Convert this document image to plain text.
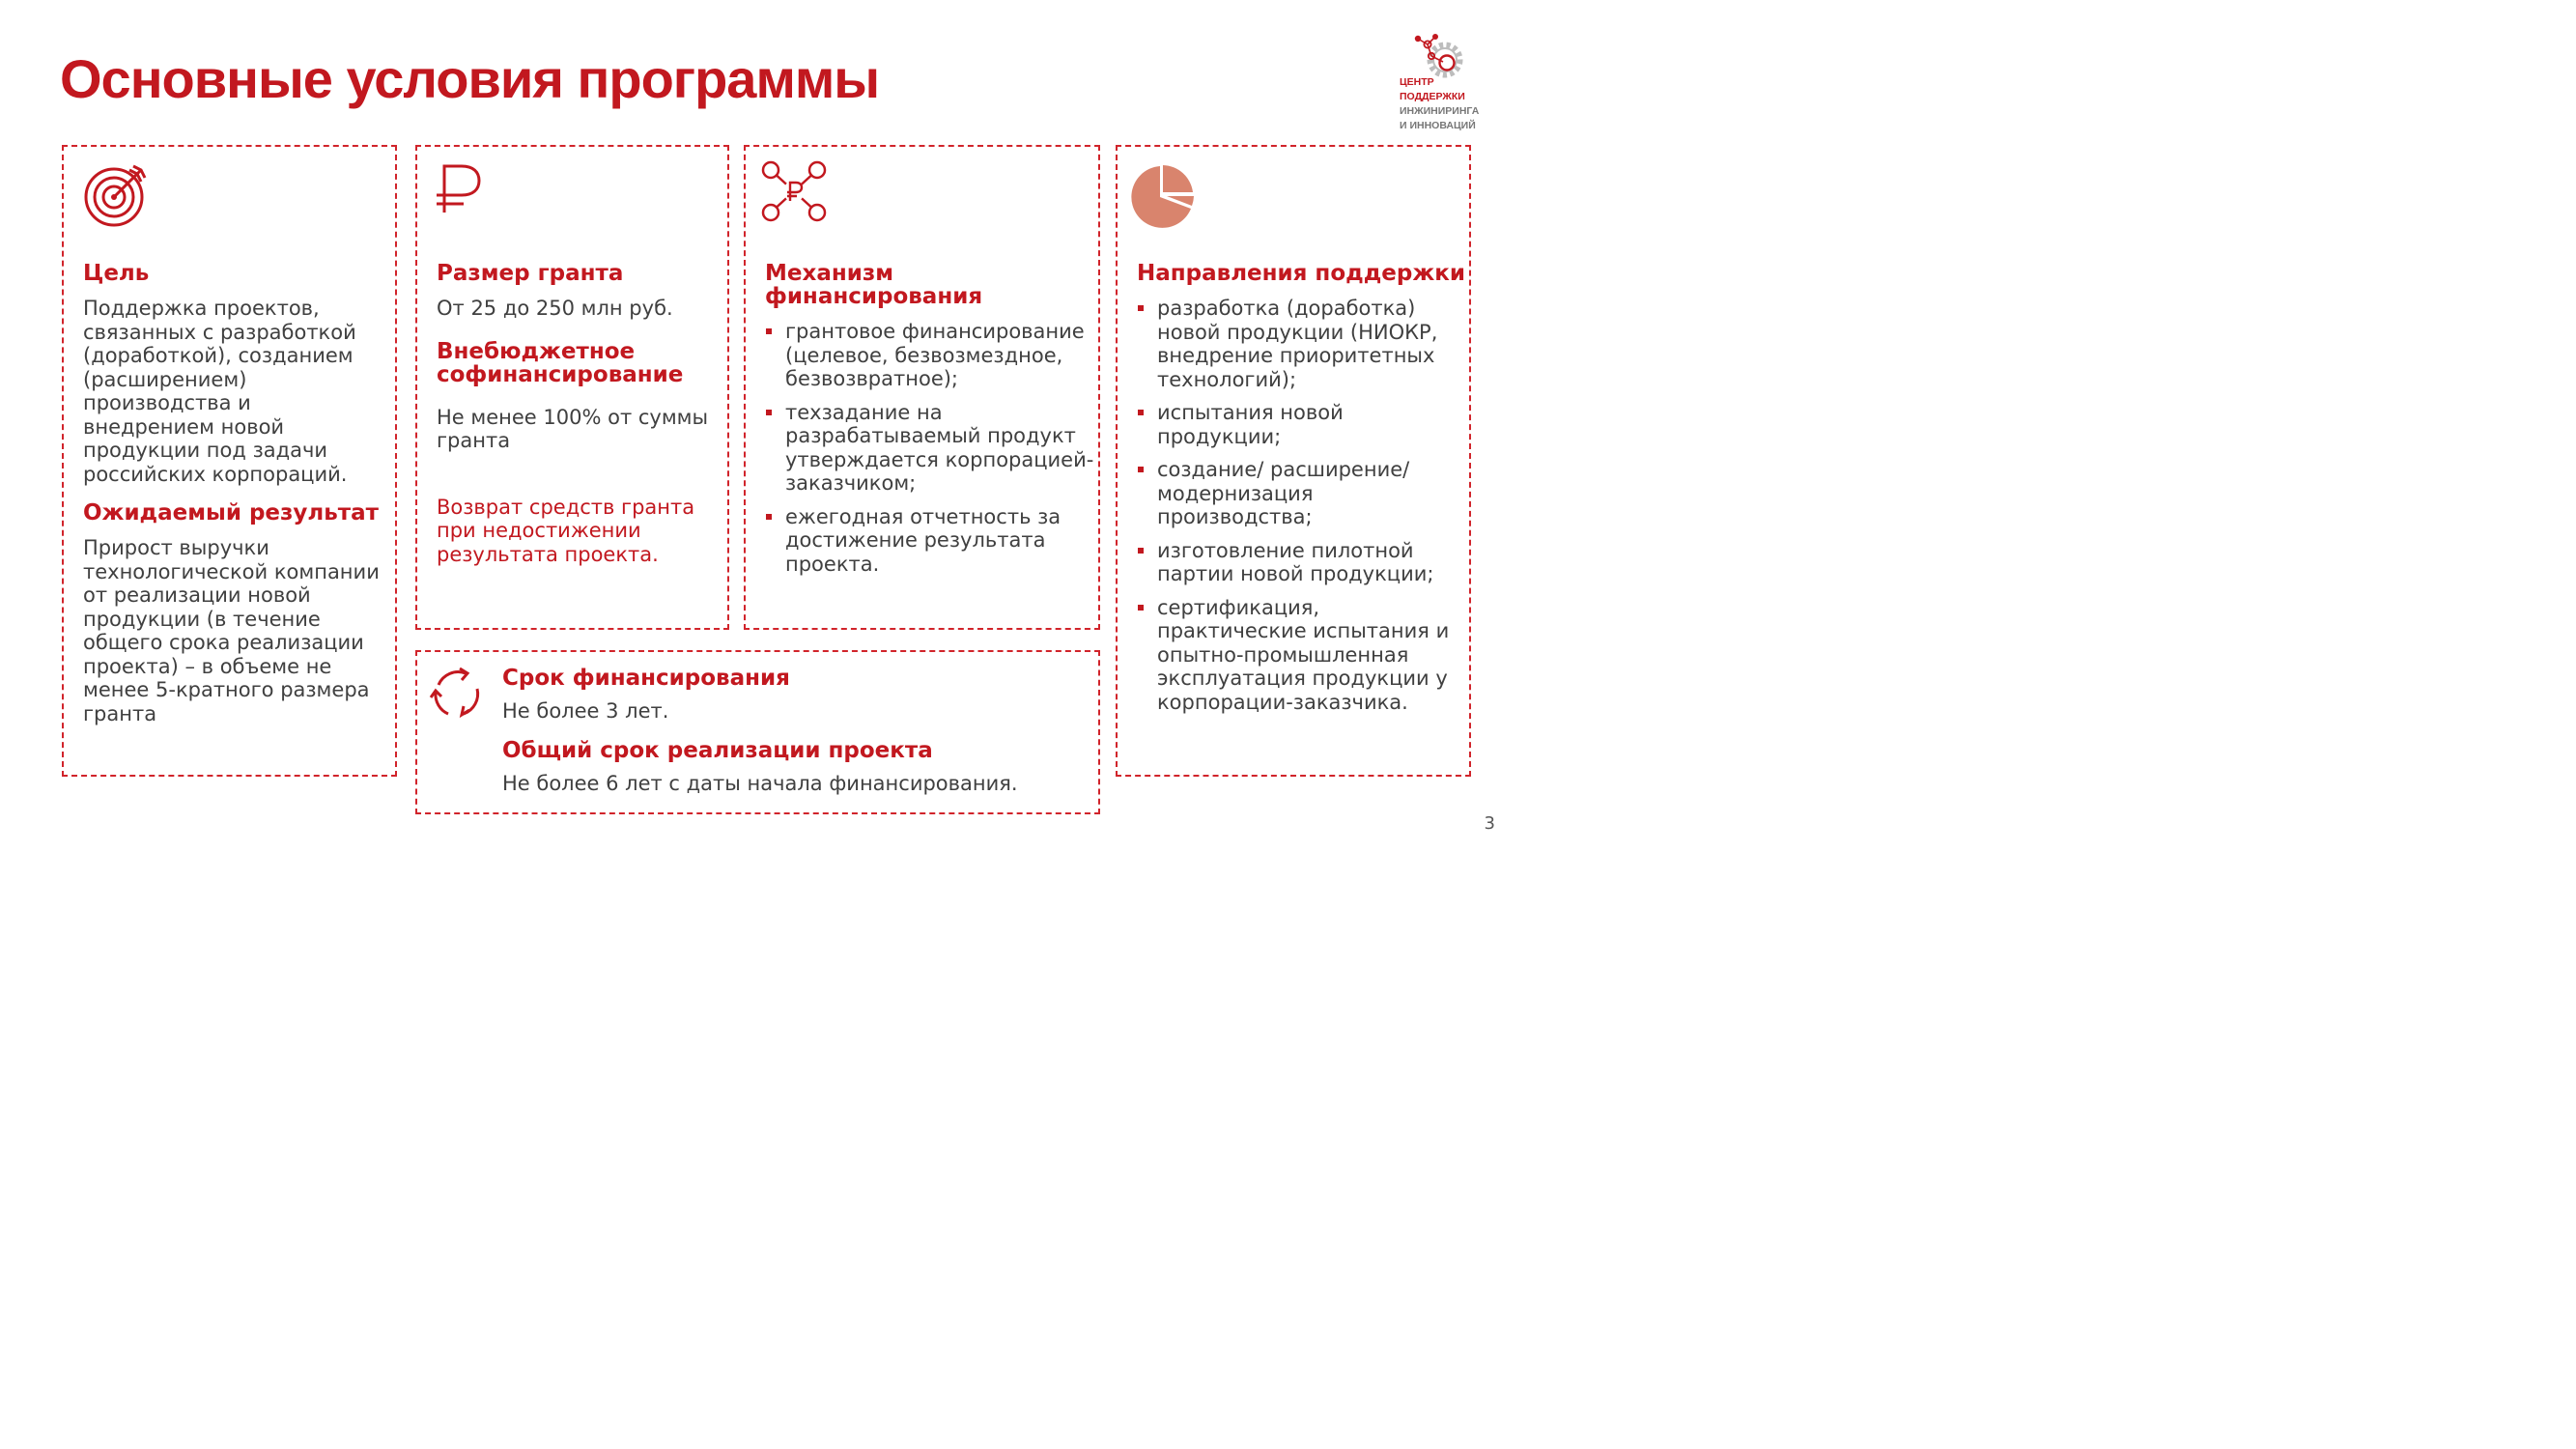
Основные условия программы	ЦЕНТР
ПОДДЕРЖКИ
ИНЖИНИРИНГА
И ИННОВАЦИЙ

Цель

Поддержка проектов, связанных с разработкой (доработкой), созданием (расширением) производства и внедрением новой продукции под задачи российских корпораций.

Ожидаемый результат

Прирост выручки технологической компании от реализации новой продукции (в течение общего срока реализации проекта) – в объеме не менее 5-кратного размера гранта

Размер гранта

От 25 до 250 млн руб.

Внебюджетное софинансирование

Не менее 100% от суммы гранта

Возврат средств гранта при недостижении результата проекта.

Механизм финансирования

грантовое финансирование (целевое, безвозмездное, безвозвратное);
техзадание на разрабатываемый продукт утверждается корпорацией-заказчиком;
ежегодная отчетность за достижение результата проекта.

Направления поддержки

разработка (доработка) новой продукции (НИОКР, внедрение приоритетных технологий);
испытания новой продукции;
создание/ расширение/ модернизация производства;
изготовление пилотной партии новой продукции;
сертификация, практические испытания и опытно-промышленная эксплуатация продукции у корпорации-заказчика.

Срок финансирования

Не более 3 лет.

Общий срок реализации проекта

Не более 6 лет с даты начала финансирования.

3
